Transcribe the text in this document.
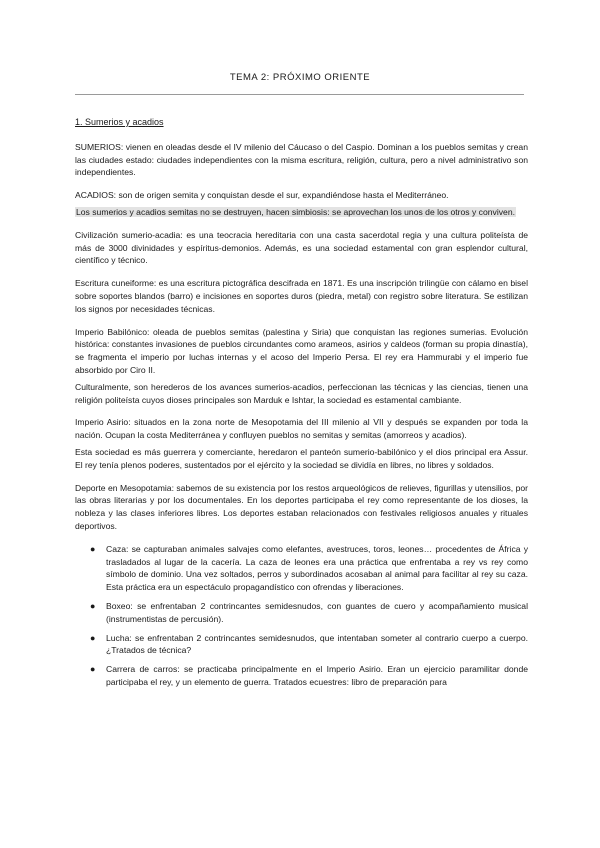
TEMA 2: PRÓXIMO ORIENTE
1. Sumerios y acadios

SUMERIOS: vienen en oleadas desde el IV milenio del Cáucaso o del Caspio. Dominan a los pueblos semitas y crean las ciudades estado: ciudades independientes con la misma escritura, religión, cultura, pero a nivel administrativo son independientes.

ACADIOS: son de origen semita y conquistan desde el sur, expandiéndose hasta el Mediterráneo.

Los sumerios y acadios semitas no se destruyen, hacen simbiosis: se aprovechan los unos de los otros y conviven.

Civilización sumerio-acadia: es una teocracia hereditaria con una casta sacerdotal regia y una cultura politeísta de más de 3000 divinidades y espíritus-demonios. Además, es una sociedad estamental con gran esplendor cultural, científico y técnico.

Escritura cuneiforme: es una escritura pictográfica descifrada en 1871. Es una inscripción trilingüe con cálamo en bisel sobre soportes blandos (barro) e incisiones en soportes duros (piedra, metal) con registro sobre literatura. Se estilizan los signos por necesidades técnicas.

Imperio Babilónico: oleada de pueblos semitas (palestina y Siria) que conquistan las regiones sumerias. Evolución histórica: constantes invasiones de pueblos circundantes como arameos, asirios y caldeos (forman su propia dinastía), se fragmenta el imperio por luchas internas y el acoso del Imperio Persa. El rey era Hammurabi y el imperio fue absorbido por Ciro II.

Culturalmente, son herederos de los avances sumerios-acadios, perfeccionan las técnicas y las ciencias, tienen una religión politeísta cuyos dioses principales son Marduk e Ishtar, la sociedad es estamental cambiante.

Imperio Asirio: situados en la zona norte de Mesopotamia del III milenio al VII y después se expanden por toda la nación. Ocupan la costa Mediterránea y confluyen pueblos no semitas y semitas (amorreos y acadios).

Esta sociedad es más guerrera y comerciante, heredaron el panteón sumerio-babilónico y el dios principal era Assur. El rey tenía plenos poderes, sustentados por el ejército y la sociedad se dividía en libres, no libres y soldados.

Deporte en Mesopotamia: sabemos de su existencia por los restos arqueológicos de relieves, figurillas y utensilios, por las obras literarias y por los documentales. En los deportes participaba el rey como representante de los dioses, la nobleza y las clases inferiores libres. Los deportes estaban relacionados con festivales religiosos anuales y rituales deportivos.

● Caza: se capturaban animales salvajes como elefantes, avestruces, toros, leones… procedentes de África y trasladados al lugar de la cacería. La caza de leones era una práctica que enfrentaba a rey vs rey como símbolo de dominio. Una vez soltados, perros y subordinados acosaban al animal para facilitar al rey su caza. Esta práctica era un espectáculo propagandístico con ofrendas y liberaciones.
● Boxeo: se enfrentaban 2 contrincantes semidesnudos, con guantes de cuero y acompañamiento musical (instrumentistas de percusión).
● Lucha: se enfrentaban 2 contrincantes semidesnudos, que intentaban someter al contrario cuerpo a cuerpo. ¿Tratados de técnica?
● Carrera de carros: se practicaba principalmente en el Imperio Asirio. Eran un ejercicio paramilitar donde participaba el rey, y un elemento de guerra. Tratados ecuestres: libro de preparación para
